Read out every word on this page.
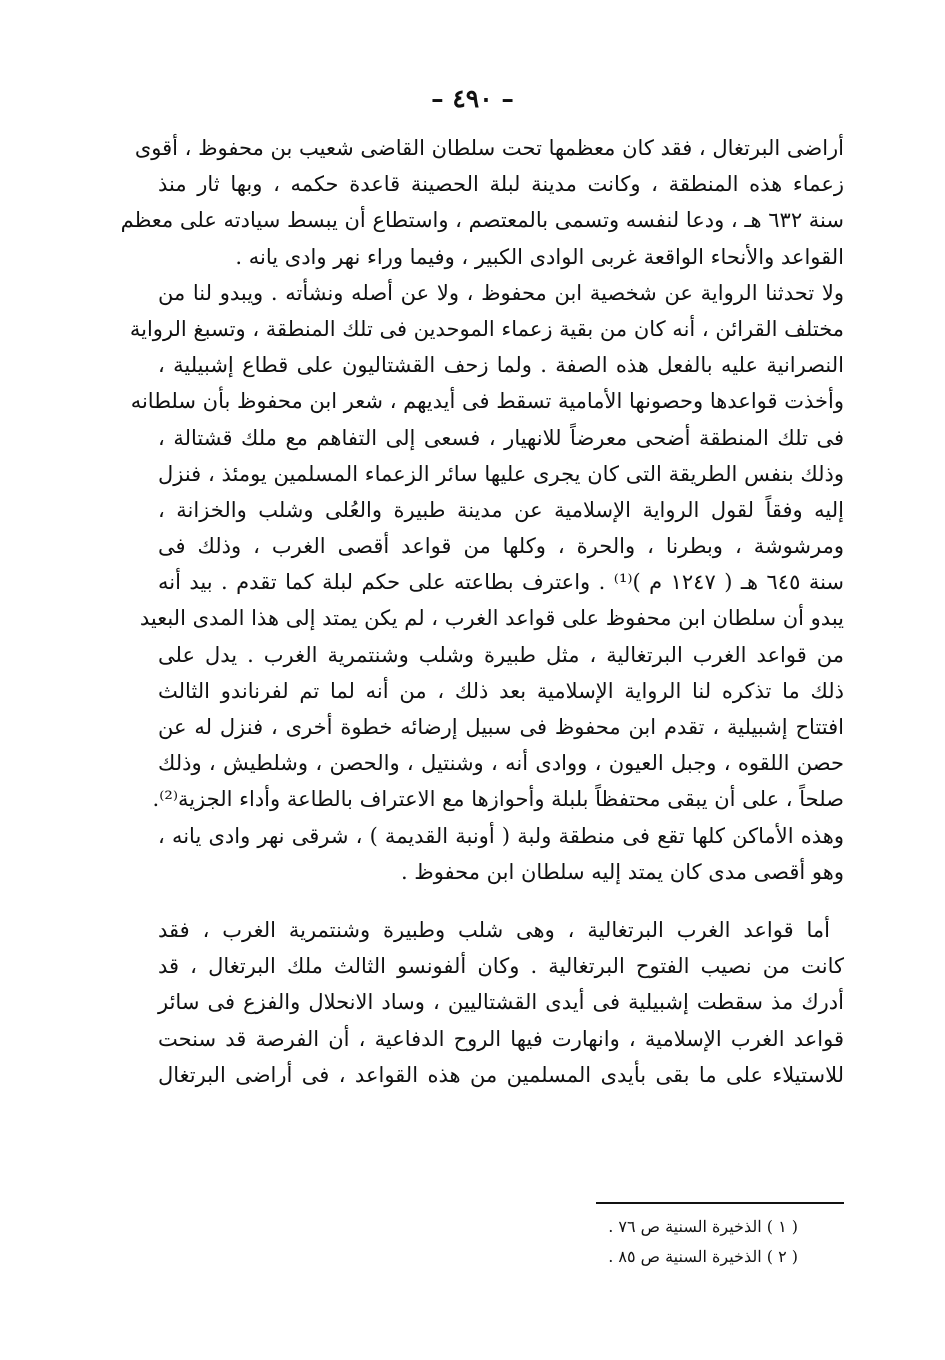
– ٤٩٠ –
أراضى البرتغال ، فقد كان معظمها تحت سلطان القاضى شعيب بن محفوظ ، أقوى
زعماء هذه المنطقة ، وكانت مدينة لبلة الحصينة قاعدة حكمه ، وبها ثار منذ
سنة ٦٣٢ هـ ، ودعا لنفسه وتسمى بالمعتصم ، واستطاع أن يبسط سيادته على معظم
القواعد والأنحاء الواقعة غربى الوادى الكبير ، وفيما وراء نهر وادى يانه .
ولا تحدثنا الرواية عن شخصية ابن محفوظ ، ولا عن أصله ونشأته . ويبدو لنا من
مختلف القرائن ، أنه كان من بقية زعماء الموحدين فى تلك المنطقة ، وتسبغ الرواية
النصرانية عليه بالفعل هذه الصفة . ولما زحف القشتاليون على قطاع إشبيلية ،
وأخذت قواعدها وحصونها الأمامية تسقط فى أيديهم ، شعر ابن محفوظ بأن سلطانه
فى تلك المنطقة أضحى معرضاً للانهيار ، فسعى إلى التفاهم مع ملك قشتالة ،
وذلك بنفس الطريقة التى كان يجرى عليها سائر الزعماء المسلمين يومئذ ، فنزل
إليه وفقاً لقول الرواية الإسلامية عن مدينة طبيرة والعُلى وشلب والخزانة ،
ومرشوشة ، وبطرنا ، والحرة ، وكلها من قواعد أقصى الغرب ، وذلك فى
سنة ٦٤٥ هـ ( ١٢٤٧ م )⁽¹⁾ . واعترف بطاعته على حكم لبلة كما تقدم . بيد أنه
يبدو أن سلطان ابن محفوظ على قواعد الغرب ، لم يكن يمتد إلى هذا المدى البعيد
من قواعد الغرب البرتغالية ، مثل طبيرة وشلب وشنتمرية الغرب . يدل على
ذلك ما تذكره لنا الرواية الإسلامية بعد ذلك ، من أنه لما تم لفرناندو الثالث
افتتاح إشبيلية ، تقدم ابن محفوظ فى سبيل إرضائه خطوة أخرى ، فنزل له عن
حصن اللقوه ، وجبل العيون ، ووادى أنه ، وشنتيل ، والحصن ، وشلطيش ، وذلك
صلحاً ، على أن يبقى محتفظاً بلبلة وأحوازها مع الاعتراف بالطاعة وأداء الجزية⁽²⁾.
وهذه الأماكن كلها تقع فى منطقة ولبة ( أونبة القديمة ) ، شرقى نهر وادى يانه ،
وهو أقصى مدى كان يمتد إليه سلطان ابن محفوظ .
أما قواعد الغرب البرتغالية ، وهى شلب وطبيرة وشنتمرية الغرب ، فقد
كانت من نصيب الفتوح البرتغالية . وكان ألفونسو الثالث ملك البرتغال ، قد
أدرك مذ سقطت إشبيلية فى أيدى القشتاليين ، وساد الانحلال والفزع فى سائر
قواعد الغرب الإسلامية ، وانهارت فيها الروح الدفاعية ، أن الفرصة قد سنحت
للاستيلاء على ما بقى بأيدى المسلمين من هذه القواعد ، فى أراضى البرتغال
( ١ ) الذخيرة السنية ص ٧٦ .
( ٢ ) الذخيرة السنية ص ٨٥ .
